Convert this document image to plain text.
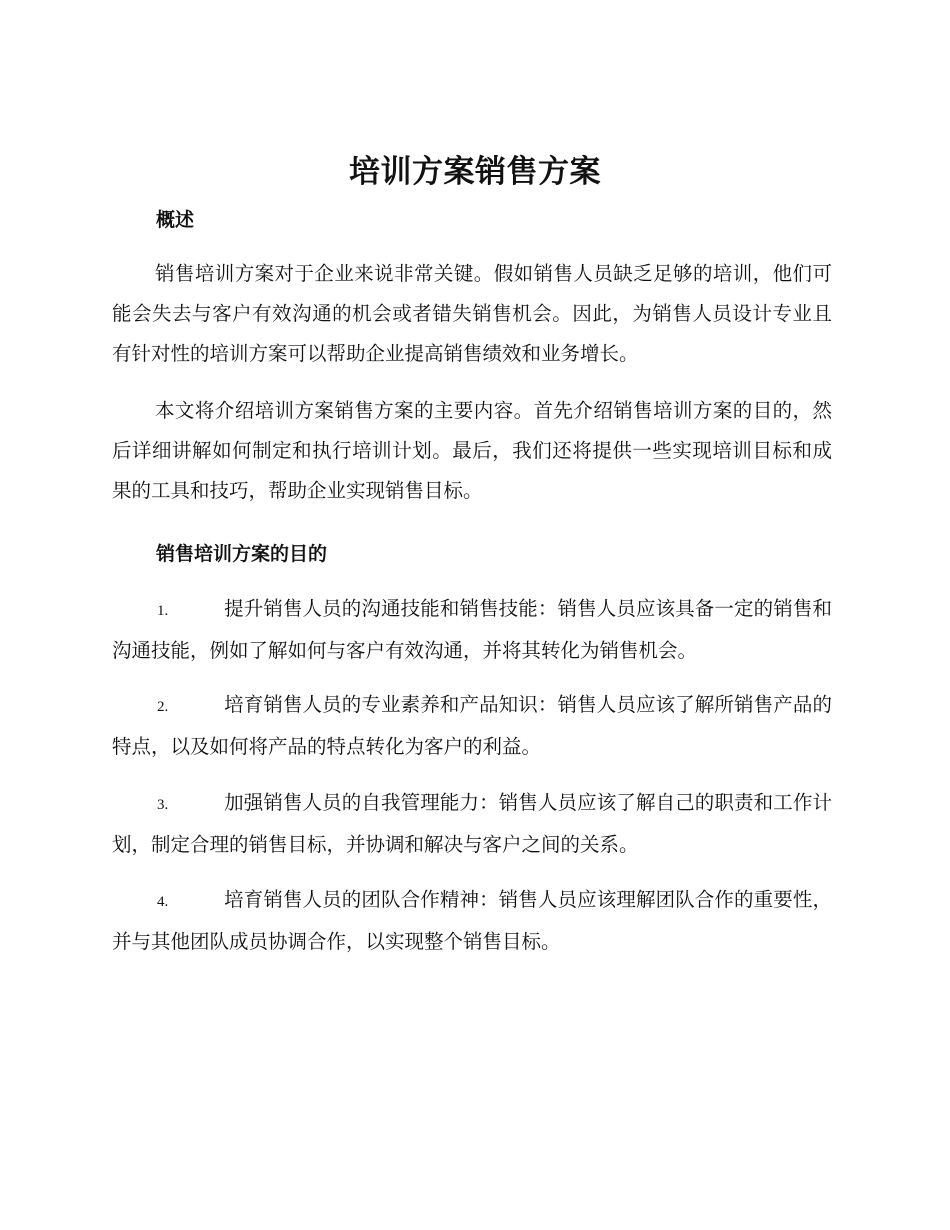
培训方案销售方案
概述

销售培训方案对于企业来说非常关键。假如销售人员缺乏足够的培训，他们可能会失去与客户有效沟通的机会或者错失销售机会。因此，为销售人员设计专业且有针对性的培训方案可以帮助企业提高销售绩效和业务增长。

本文将介绍培训方案销售方案的主要内容。首先介绍销售培训方案的目的，然后详细讲解如何制定和执行培训计划。最后，我们还将提供一些实现培训目标和成果的工具和技巧，帮助企业实现销售目标。

销售培训方案的目的

1.	提升销售人员的沟通技能和销售技能：销售人员应该具备一定的销售和沟通技能，例如了解如何与客户有效沟通，并将其转化为销售机会。

2.	培育销售人员的专业素养和产品知识：销售人员应该了解所销售产品的特点，以及如何将产品的特点转化为客户的利益。

3.	加强销售人员的自我管理能力：销售人员应该了解自己的职责和工作计划，制定合理的销售目标，并协调和解决与客户之间的关系。

4.	培育销售人员的团队合作精神：销售人员应该理解团队合作的重要性，并与其他团队成员协调合作，以实现整个销售目标。
